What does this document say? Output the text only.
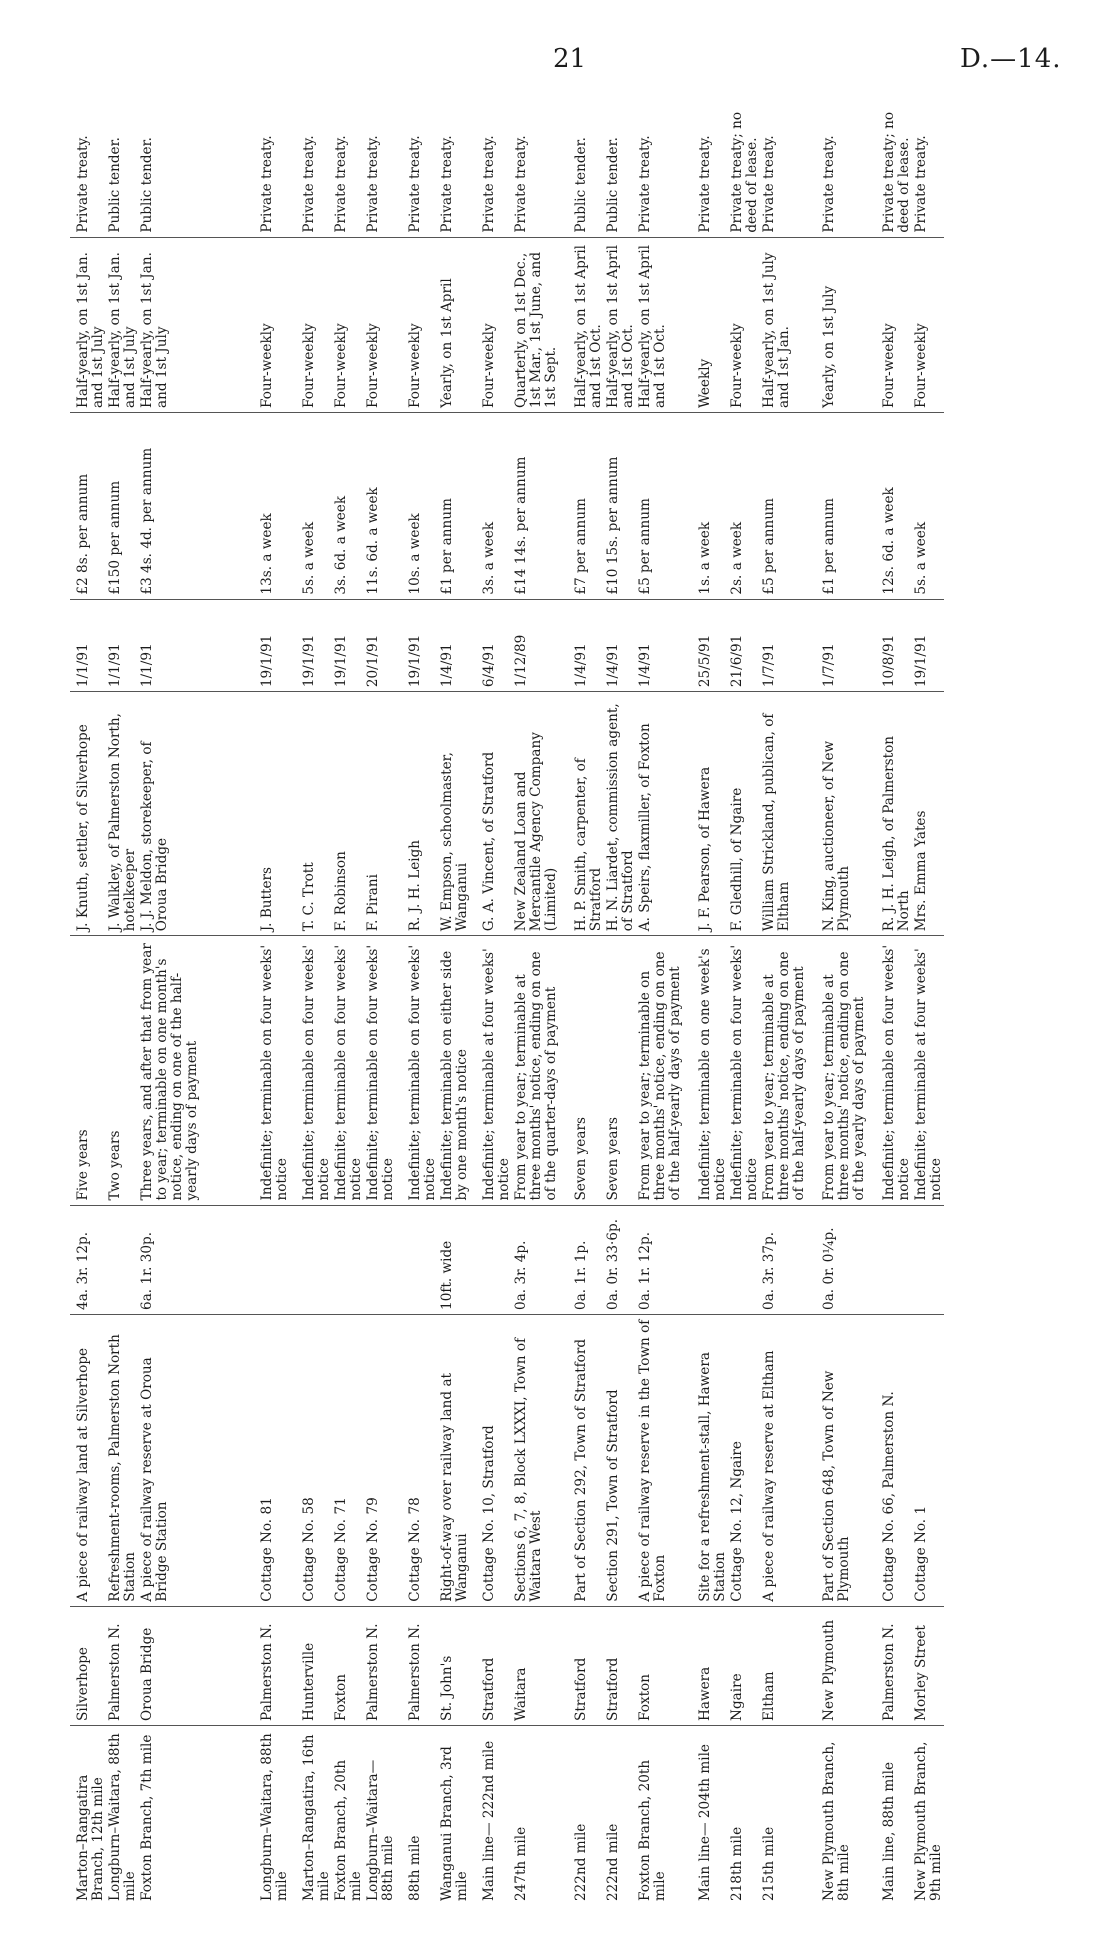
21	D.—14.
Marton–Rangatira Branch, 12th mile	Silverhope	A piece of railway land at Silverhope	4a. 3r. 12p.	Five years	J. Knuth, settler, of Silverhope	1/1/91	£2 8s. per annum	Half-yearly, on 1st Jan. and 1st July	Private treaty.
Longburn–Waitara, 88th mile	Palmerston N.	Refreshment-rooms, Palmerston North Station		Two years	J. Walkley, of Palmerston North, hotelkeeper	1/1/91	£150 per annum	Half-yearly, on 1st Jan. and 1st July	Public tender.
Foxton Branch, 7th mile	Oroua Bridge	A piece of railway reserve at Oroua Bridge Station	6a. 1r. 30p.	Three years, and after that from year to year; terminable on one month's notice, ending on one of the half-yearly days of payment	J. J. Meldon, storekeeper, of Oroua Bridge	1/1/91	£3 4s. 4d. per annum	Half-yearly, on 1st Jan. and 1st July	Public tender.
Longburn–Waitara, 88th mile	Palmerston N.	Cottage No. 81		Indefinite; terminable on four weeks' notice	J. Butters	19/1/91	13s. a week	Four-weekly	Private treaty.
Marton–Rangatira, 16th mile	Hunterville	Cottage No. 58		Indefinite; terminable on four weeks' notice	T. C. Trott	19/1/91	5s. a week	Four-weekly	Private treaty.
Foxton Branch, 20th mile	Foxton	Cottage No. 71		Indefinite; terminable on four weeks' notice	F. Robinson	19/1/91	3s. 6d. a week	Four-weekly	Private treaty.
Longburn–Waitara— 88th mile	Palmerston N.	Cottage No. 79		Indefinite; terminable on four weeks' notice	F. Pirani	20/1/91	11s. 6d. a week	Four-weekly	Private treaty.
88th mile	Palmerston N.	Cottage No. 78		Indefinite; terminable on four weeks' notice	R. J. H. Leigh	19/1/91	10s. a week	Four-weekly	Private treaty.
Wanganui Branch, 3rd mile	St. John's	Right-of-way over railway land at Wanganui	10ft. wide	Indefinite; terminable on either side by one month's notice	W. Empson, schoolmaster, Wanganui	1/4/91	£1 per annum	Yearly, on 1st April	Private treaty.
Main line— 222nd mile	Stratford	Cottage No. 10, Stratford		Indefinite; terminable at four weeks' notice	G. A. Vincent, of Stratford	6/4/91	3s. a week	Four-weekly	Private treaty.
247th mile	Waitara	Sections 6, 7, 8, Block LXXXI, Town of Waitara West	0a. 3r. 4p.	From year to year; terminable at three months' notice, ending on one of the quarter-days of payment	New Zealand Loan and Mercantile Agency Company (Limited)	1/12/89	£14 14s. per annum	Quarterly, on 1st Dec., 1st Mar., 1st June, and 1st Sept.	Private treaty.
222nd mile	Stratford	Part of Section 292, Town of Stratford	0a. 1r. 1p.	Seven years	H. P. Smith, carpenter, of Stratford	1/4/91	£7 per annum	Half-yearly, on 1st April and 1st Oct.	Public tender.
222nd mile	Stratford	Section 291, Town of Stratford	0a. 0r. 33·6p.	Seven years	H. N. Liardet, commission agent, of Stratford	1/4/91	£10 15s. per annum	Half-yearly, on 1st April and 1st Oct.	Public tender.
Foxton Branch, 20th mile	Foxton	A piece of railway reserve in the Town of Foxton	0a. 1r. 12p.	From year to year; terminable on three months' notice, ending on one of the half-yearly days of payment	A. Speirs, flaxmiller, of Foxton	1/4/91	£5 per annum	Half-yearly, on 1st April and 1st Oct.	Private treaty.
Main line— 204th mile	Hawera	Site for a refreshment-stall, Hawera Station		Indefinite; terminable on one week's notice	J. F. Pearson, of Hawera	25/5/91	1s. a week	Weekly	Private treaty.
218th mile	Ngaire	Cottage No. 12, Ngaire		Indefinite; terminable on four weeks' notice	F. Gledhill, of Ngaire	21/6/91	2s. a week	Four-weekly	Private treaty; no deed of lease.
215th mile	Eltham	A piece of railway reserve at Eltham	0a. 3r. 37p.	From year to year; terminable at three months' notice, ending on one of the half-yearly days of payment	William Strickland, publican, of Eltham	1/7/91	£5 per annum	Half-yearly, on 1st July and 1st Jan.	Private treaty.
New Plymouth Branch, 8th mile	New Plymouth	Part of Section 648, Town of New Plymouth	0a. 0r. 0¼p.	From year to year; terminable at three months' notice, ending on one of the yearly days of payment	N. King, auctioneer, of New Plymouth	1/7/91	£1 per annum	Yearly, on 1st July	Private treaty.
Main line, 88th mile	Palmerston N.	Cottage No. 66, Palmerston N.		Indefinite; terminable on four weeks' notice	R. J. H. Leigh, of Palmerston North	10/8/91	12s. 6d. a week	Four-weekly	Private treaty; no deed of lease.
New Plymouth Branch, 9th mile	Morley Street	Cottage No. 1		Indefinite; terminable at four weeks' notice	Mrs. Emma Yates	19/1/91	5s. a week	Four-weekly	Private treaty.
